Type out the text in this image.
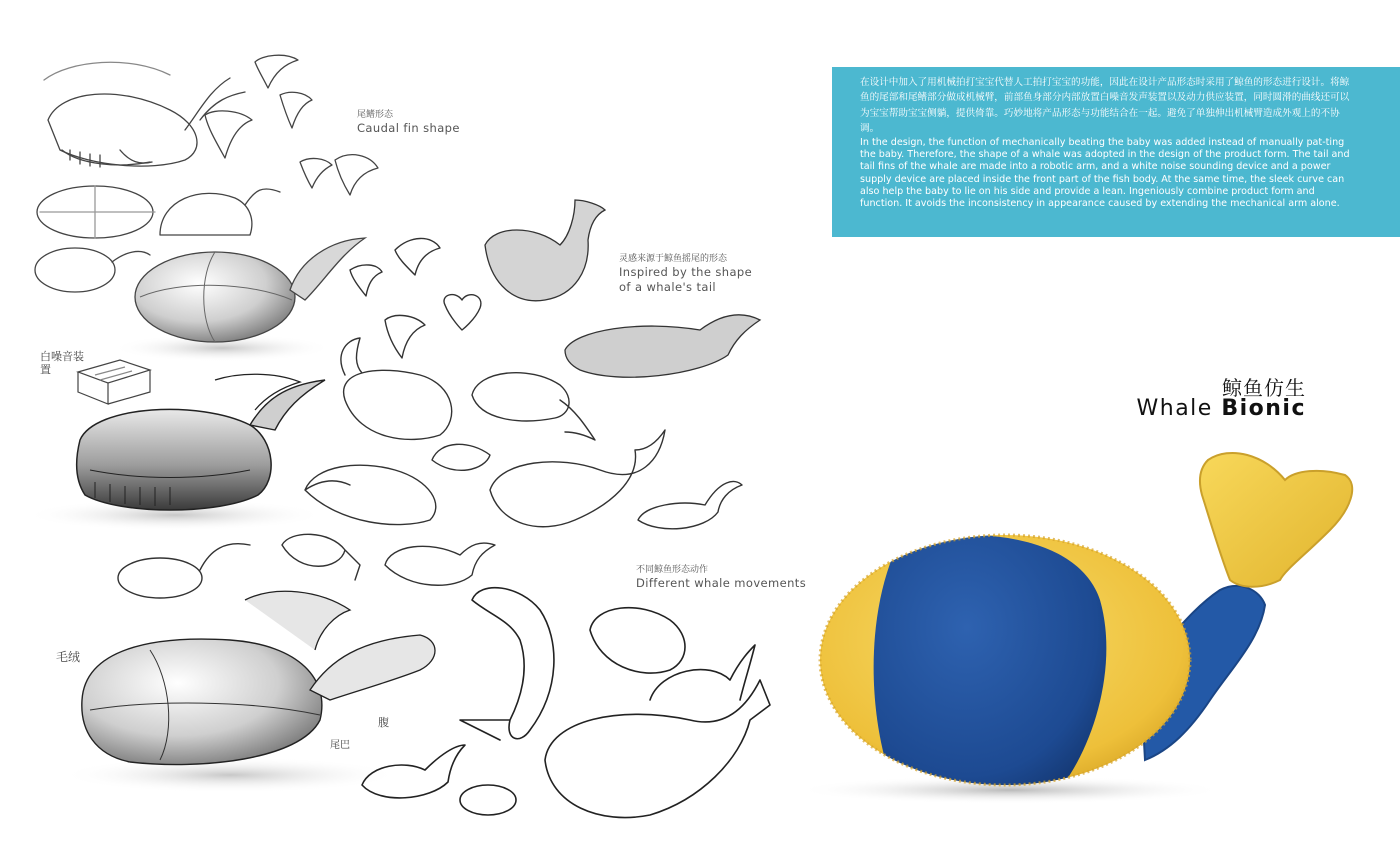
尾鳍形态
Caudal fin shape
灵感来源于鲸鱼摇尾的形态
Inspired by the shape
of a whale's tail
不同鲸鱼形态动作
Different whale movements
白噪音装置
毛绒
腹
尾巴

在设计中加入了用机械拍打宝宝代替人工拍打宝宝的功能，因此在设计产品形态时采用了鲸鱼的形态进行设计。将鲸鱼的尾部和尾鳍部分做成机械臂，前部鱼身部分内部放置白噪音发声装置以及动力供应装置，同时圆滑的曲线还可以为宝宝帮助宝宝侧躺，提供倚靠。巧妙地将产品形态与功能结合在一起。避免了单独伸出机械臂造成外观上的不协调。

In the design, the function of mechanically beating the baby was added instead of manually pat-ting the baby. Therefore, the shape of a whale was adopted in the design of the product form. The tail and tail fins of the whale are made into a robotic arm, and a white noise sounding device and a power supply device are placed inside the front part of the fish body. At the same time, the sleek curve can also help the baby to lie on his side and provide a lean. Ingeniously combine product form and function. It avoids the inconsistency in appearance caused by extending the mechanical arm alone.

鲸鱼仿生
Whale Bionic
